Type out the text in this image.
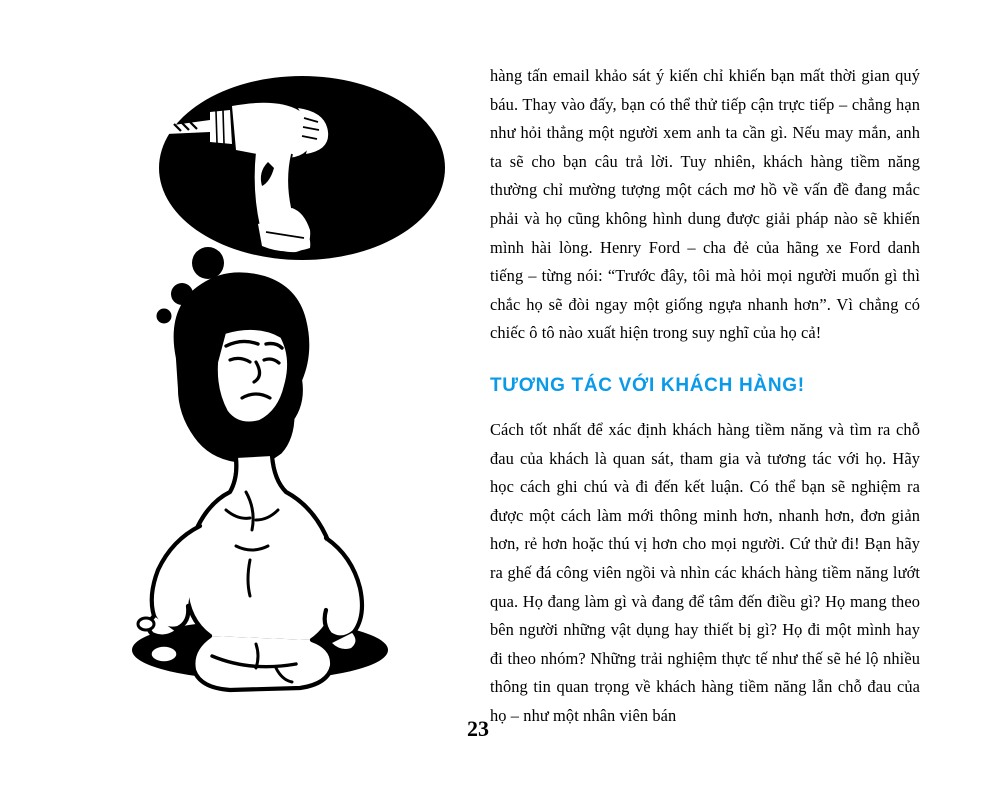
hàng tấn email khảo sát ý kiến chỉ khiến bạn mất thời gian quý báu. Thay vào đấy, bạn có thể thử tiếp cận trực tiếp – chẳng hạn như hỏi thẳng một người xem anh ta cần gì. Nếu may mắn, anh ta sẽ cho bạn câu trả lời. Tuy nhiên, khách hàng tiềm năng thường chỉ mường tượng một cách mơ hồ về vấn đề đang mắc phải và họ cũng không hình dung được giải pháp nào sẽ khiến mình hài lòng. Henry Ford – cha đẻ của hãng xe Ford danh tiếng – từng nói: “Trước đây, tôi mà hỏi mọi người muốn gì thì chắc họ sẽ đòi ngay một giống ngựa nhanh hơn”. Vì chẳng có chiếc ô tô nào xuất hiện trong suy nghĩ của họ cả!

TƯƠNG TÁC VỚI KHÁCH HÀNG!

Cách tốt nhất để xác định khách hàng tiềm năng và tìm ra chỗ đau của khách là quan sát, tham gia và tương tác với họ. Hãy học cách ghi chú và đi đến kết luận. Có thể bạn sẽ nghiệm ra được một cách làm mới thông minh hơn, nhanh hơn, đơn giản hơn, rẻ hơn hoặc thú vị hơn cho mọi người. Cứ thử đi! Bạn hãy ra ghế đá công viên ngồi và nhìn các khách hàng tiềm năng lướt qua. Họ đang làm gì và đang để tâm đến điều gì? Họ mang theo bên người những vật dụng hay thiết bị gì? Họ đi một mình hay đi theo nhóm? Những trải nghiệm thực tế như thế sẽ hé lộ nhiều thông tin quan trọng về khách hàng tiềm năng lẫn chỗ đau của họ – như một nhân viên bán

23
